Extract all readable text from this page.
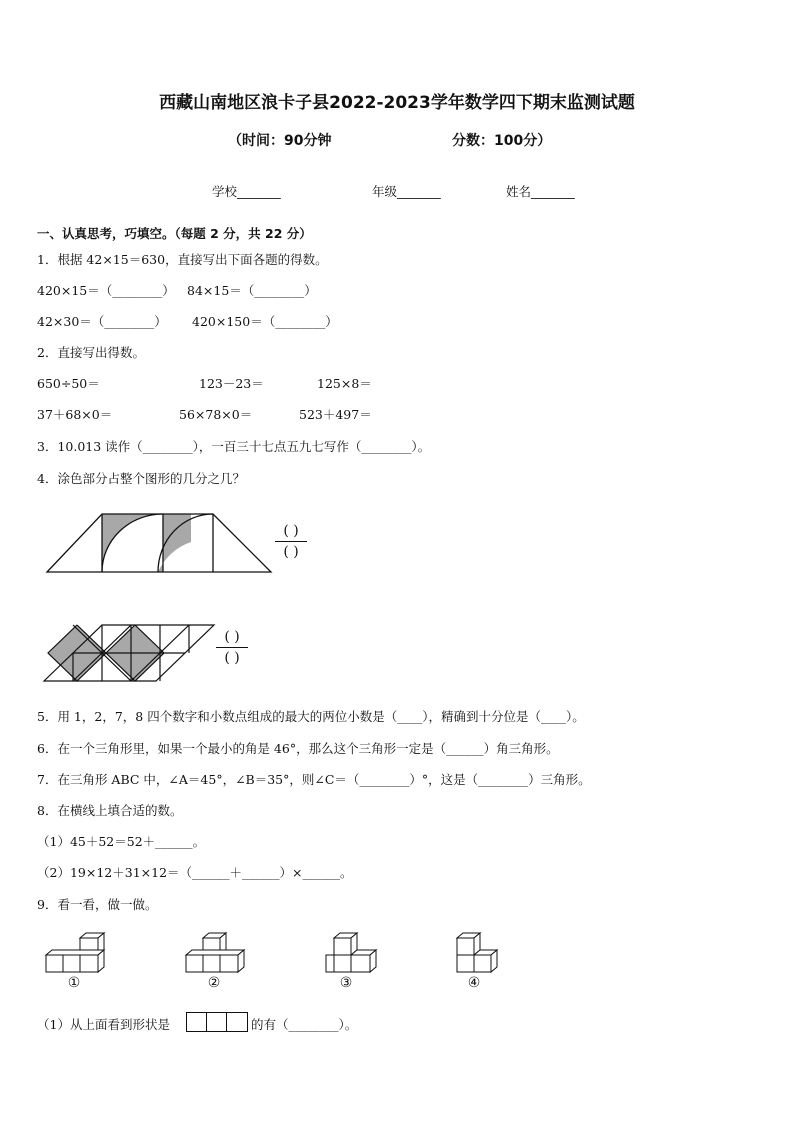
西藏山南地区浪卡子县2022-2023学年数学四下期末监测试题
（时间：90分钟	分数：100分）
学校_______	年级_______	姓名_______
一、认真思考，巧填空。（每题 2 分，共 22 分）
1．根据 42×15＝630，直接写出下面各题的得数。
420×15＝（________） 84×15＝（________）
42×30＝（________） 420×150＝（________）
2．直接写出得数。
650÷50＝	123－23＝	125×8＝
37＋68×0＝	56×78×0＝	523＋497＝
3．10.013 读作（________），一百三十七点五九七写作（________）。
4．涂色部分占整个图形的几分之几？
( )
( )
( )
( )
5．用 1，2，7，8 四个数字和小数点组成的最大的两位小数是（____），精确到十分位是（____）。
6．在一个三角形里，如果一个最小的角是 46°，那么这个三角形一定是（______）角三角形。
7．在三角形 ABC 中，∠A＝45°，∠B＝35°，则∠C＝（________）°，这是（________）三角形。
8．在横线上填合适的数。
（1）45＋52＝52＋______。
（2）19×12＋31×12＝（______＋______）×______。
9．看一看，做一做。
①	②	③	④
（1）从上面看到形状是	的有（________）。
